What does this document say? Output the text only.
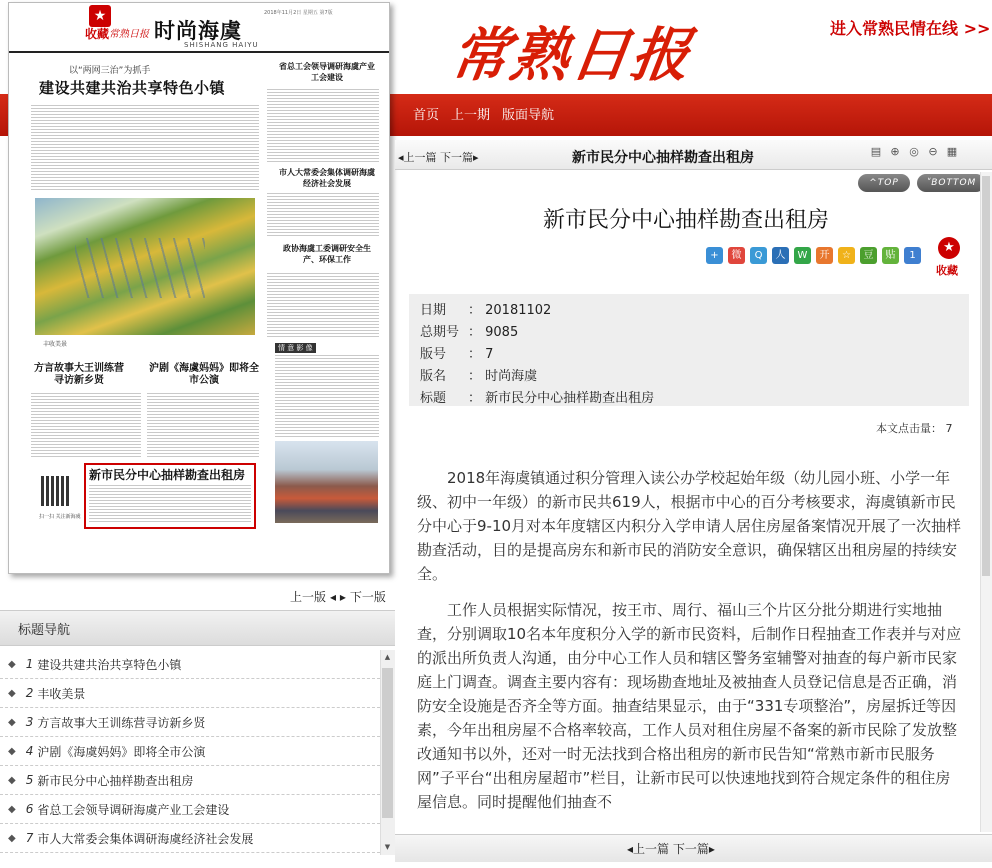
常熟日报	进入常熟民情在线 >>
首页 上一期 版面导航
★
收藏 常熟日报 时尚海虞
SHISHANG HAIYU
2018年11月2日 星期五 第7版
以“两网三治”为抓手
建设共建共治共享特色小镇
省总工会领导调研海虞产业工会建设
市人大常委会集体调研海虞经济社会发展
政协海虞工委调研安全生产、环保工作
丰收美景
方言故事大王训练营寻访新乡贤
沪剧《海虞妈妈》即将全市公演
情 意 影 像
扫一扫 关注新海虞
新市民分中心抽样勘查出租房
上一版 ◂ ▸ 下一版
标题导航
◆ 1 建设共建共治共享特色小镇
◆ 2 丰收美景
◆ 3 方言故事大王训练营寻访新乡贤
◆ 4 沪剧《海虞妈妈》即将全市公演
◆ 5 新市民分中心抽样勘查出租房
◆ 6 省总工会领导调研海虞产业工会建设
◆ 7 市人大常委会集体调研海虞经济社会发展
▲
▼
◂上一篇 下一篇▸	新市民分中心抽样勘查出租房	▤ ⊕ ◎ ⊖ ▦
^TOP	˅BOTTOM
新市民分中心抽样勘查出租房
+	微	Q	人	W	开	☆	豆	贴	1
★
收藏
日期 ： 20181102
总期号 ： 9085
版号 ： 7
版名 ： 时尚海虞
标题 ： 新市民分中心抽样勘查出租房
本文点击量： 7

2018年海虞镇通过积分管理入读公办学校起始年级（幼儿园小班、小学一年级、初中一年级）的新市民共619人，根据市中心的百分考核要求，海虞镇新市民分中心于9-10月对本年度辖区内积分入学申请人居住房屋备案情况开展了一次抽样勘查活动，目的是提高房东和新市民的消防安全意识，确保辖区出租房屋的持续安全。

工作人员根据实际情况，按王市、周行、福山三个片区分批分期进行实地抽查，分别调取10名本年度积分入学的新市民资料，后制作日程抽查工作表并与对应的派出所负责人沟通，由分中心工作人员和辖区警务室辅警对抽查的每户新市民家庭上门调查。调查主要内容有：现场勘查地址及被抽查人员登记信息是否正确，消防安全设施是否齐全等方面。抽查结果显示，由于“331专项整治”，房屋拆迁等因素，今年出租房屋不合格率较高，工作人员对租住房屋不备案的新市民除了发放整改通知书以外，还对一时无法找到合格出租房的新市民告知“常熟市新市民服务网”子平台“出租房屋超市”栏目，让新市民可以快速地找到符合规定条件的租住房屋信息。同时提醒他们抽查不

◂上一篇 下一篇▸
